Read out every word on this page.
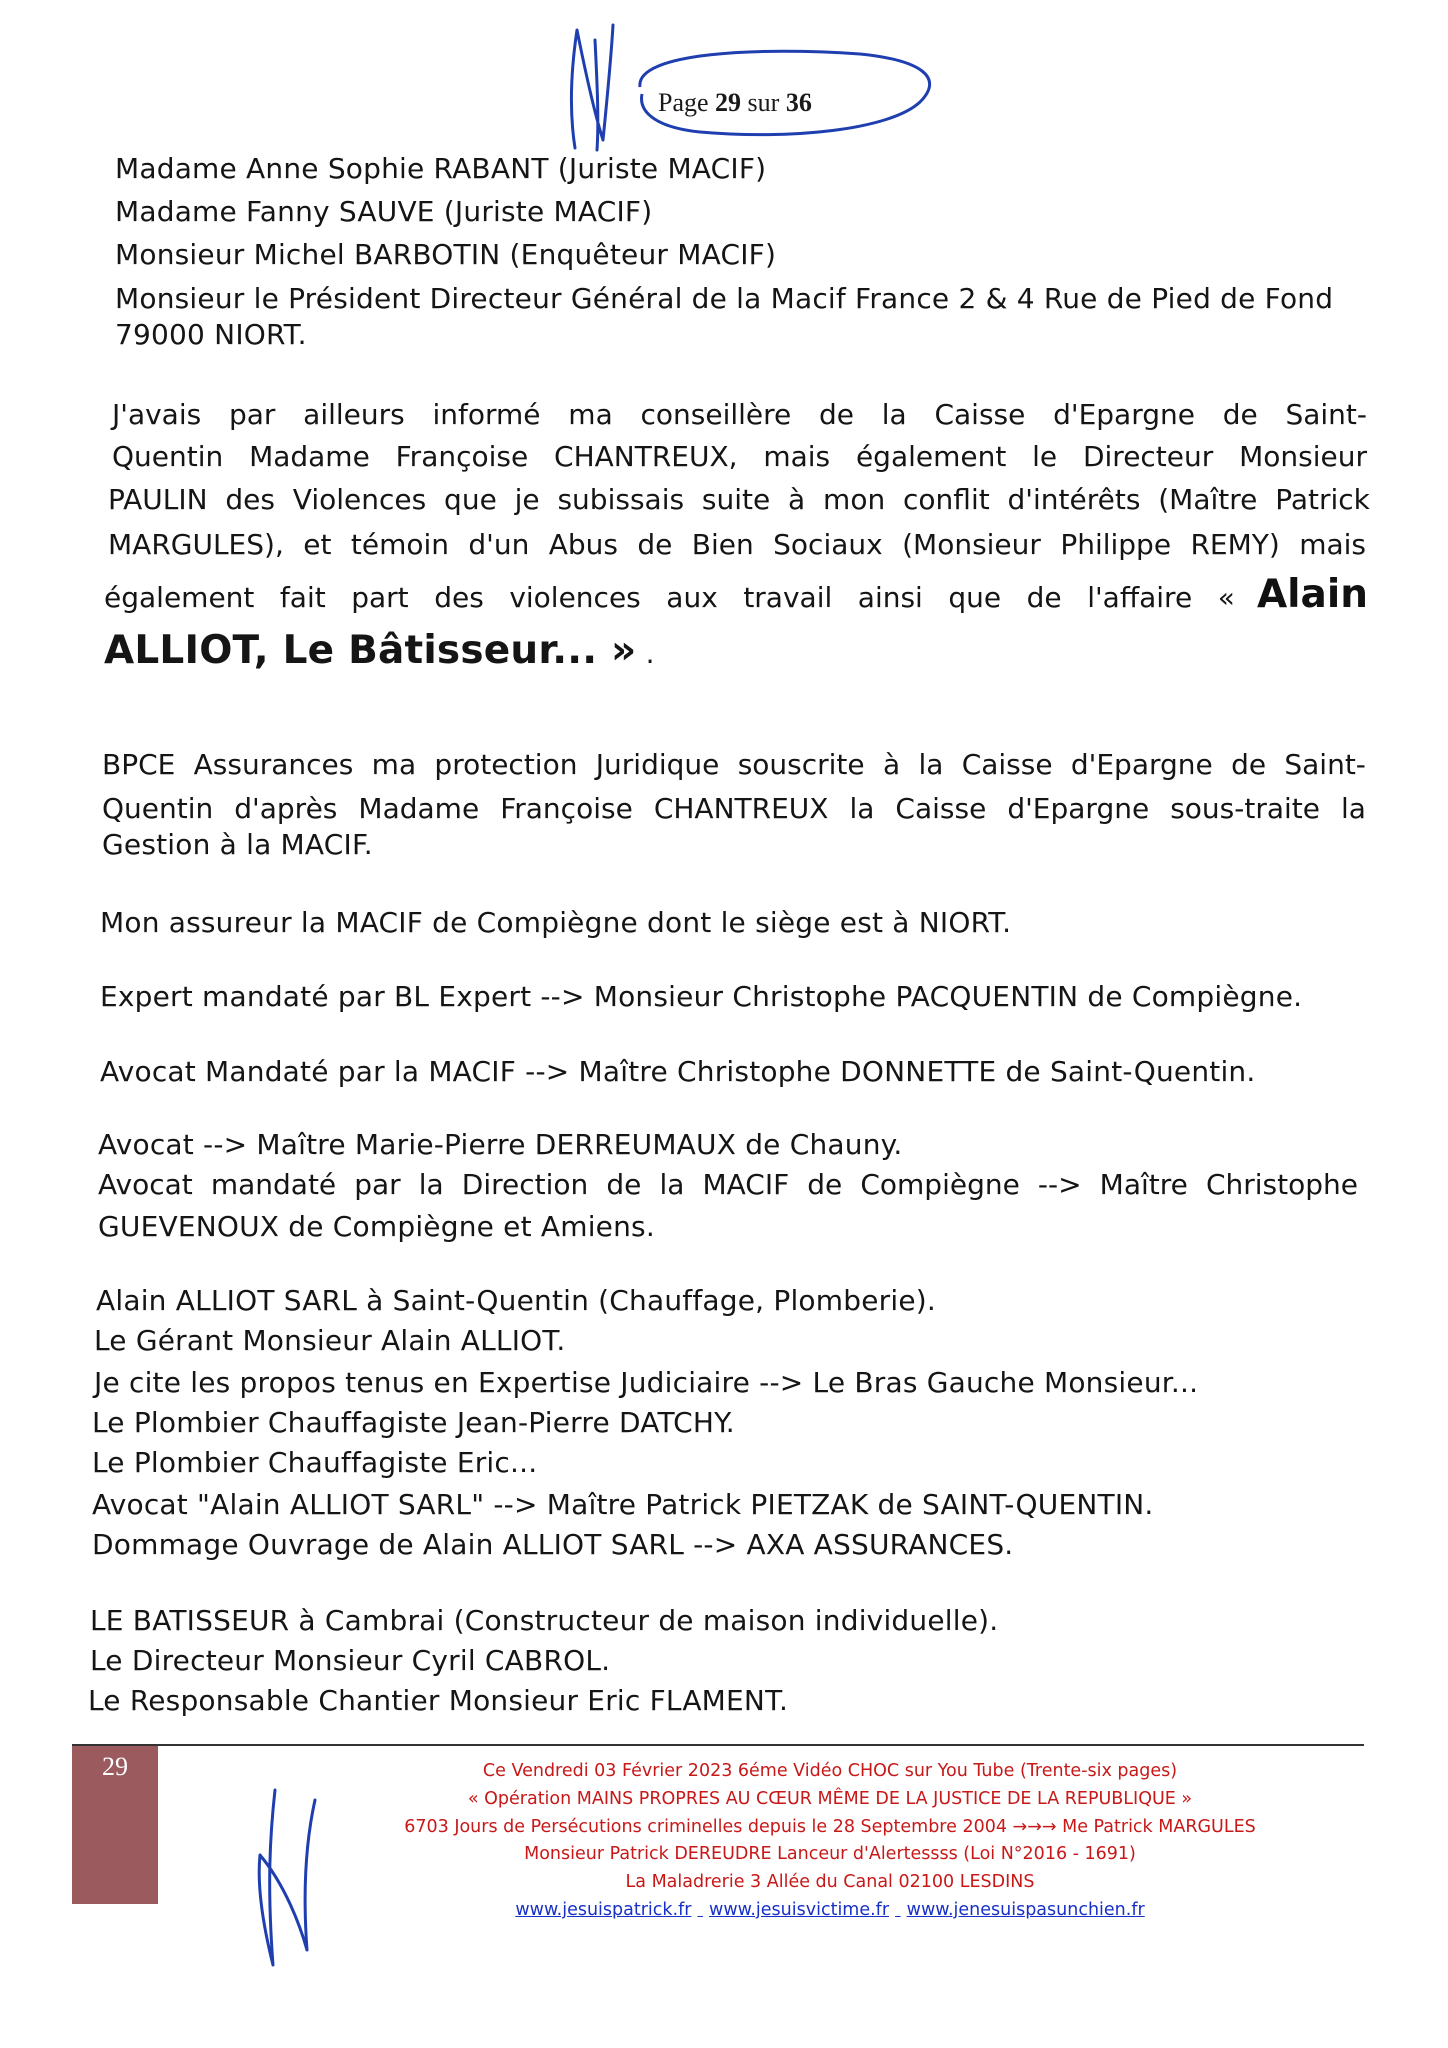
Page 29 sur 36
Madame Anne Sophie RABANT (Juriste MACIF)
Madame Fanny SAUVE (Juriste MACIF)
Monsieur Michel BARBOTIN (Enquêteur MACIF)
Monsieur le Président Directeur Général de la Macif France 2 & 4 Rue de Pied de Fond
79000 NIORT.
J'avais par ailleurs informé ma conseillère de la Caisse d'Epargne de Saint-
Quentin Madame Françoise CHANTREUX, mais également le Directeur Monsieur
PAULIN des Violences que je subissais suite à mon conflit d'intérêts (Maître Patrick
MARGULES), et témoin d'un Abus de Bien Sociaux (Monsieur Philippe REMY) mais
également fait part des violences aux travail ainsi que de l'affaire « Alain
ALLIOT, Le Bâtisseur... » .
BPCE Assurances ma protection Juridique souscrite à la Caisse d'Epargne de Saint-
Quentin d'après Madame Françoise CHANTREUX la Caisse d'Epargne sous-traite la
Gestion à la MACIF.
Mon assureur la MACIF de Compiègne dont le siège est à NIORT.
Expert mandaté par BL Expert --> Monsieur Christophe PACQUENTIN de Compiègne.
Avocat Mandaté par la MACIF --> Maître Christophe DONNETTE de Saint-Quentin.
Avocat --> Maître Marie-Pierre DERREUMAUX de Chauny.
Avocat mandaté par la Direction de la MACIF de Compiègne --> Maître Christophe
GUEVENOUX de Compiègne et Amiens.
Alain ALLIOT SARL à Saint-Quentin (Chauffage, Plomberie).
Le Gérant Monsieur Alain ALLIOT.
Je cite les propos tenus en Expertise Judiciaire --> Le Bras Gauche Monsieur...
Le Plombier Chauffagiste Jean-Pierre DATCHY.
Le Plombier Chauffagiste Eric...
Avocat "Alain ALLIOT SARL" --> Maître Patrick PIETZAK de SAINT-QUENTIN.
Dommage Ouvrage de Alain ALLIOT SARL --> AXA ASSURANCES.
LE BATISSEUR à Cambrai (Constructeur de maison individuelle).
Le Directeur Monsieur Cyril CABROL.
Le Responsable Chantier Monsieur Eric FLAMENT.
29	Ce Vendredi 03 Février 2023 6éme Vidéo CHOC sur You Tube (Trente-six pages)
« Opération MAINS PROPRES AU CŒUR MÊME DE LA JUSTICE DE LA REPUBLIQUE »
6703 Jours de Persécutions criminelles depuis le 28 Septembre 2004 →→→ Me Patrick MARGULES
Monsieur Patrick DEREUDRE Lanceur d'Alertessss (Loi N°2016 - 1691)
La Maladrerie 3 Allée du Canal 02100 LESDINS
www.jesuispatrick.fr www.jesuisvictime.fr www.jenesuispasunchien.fr
